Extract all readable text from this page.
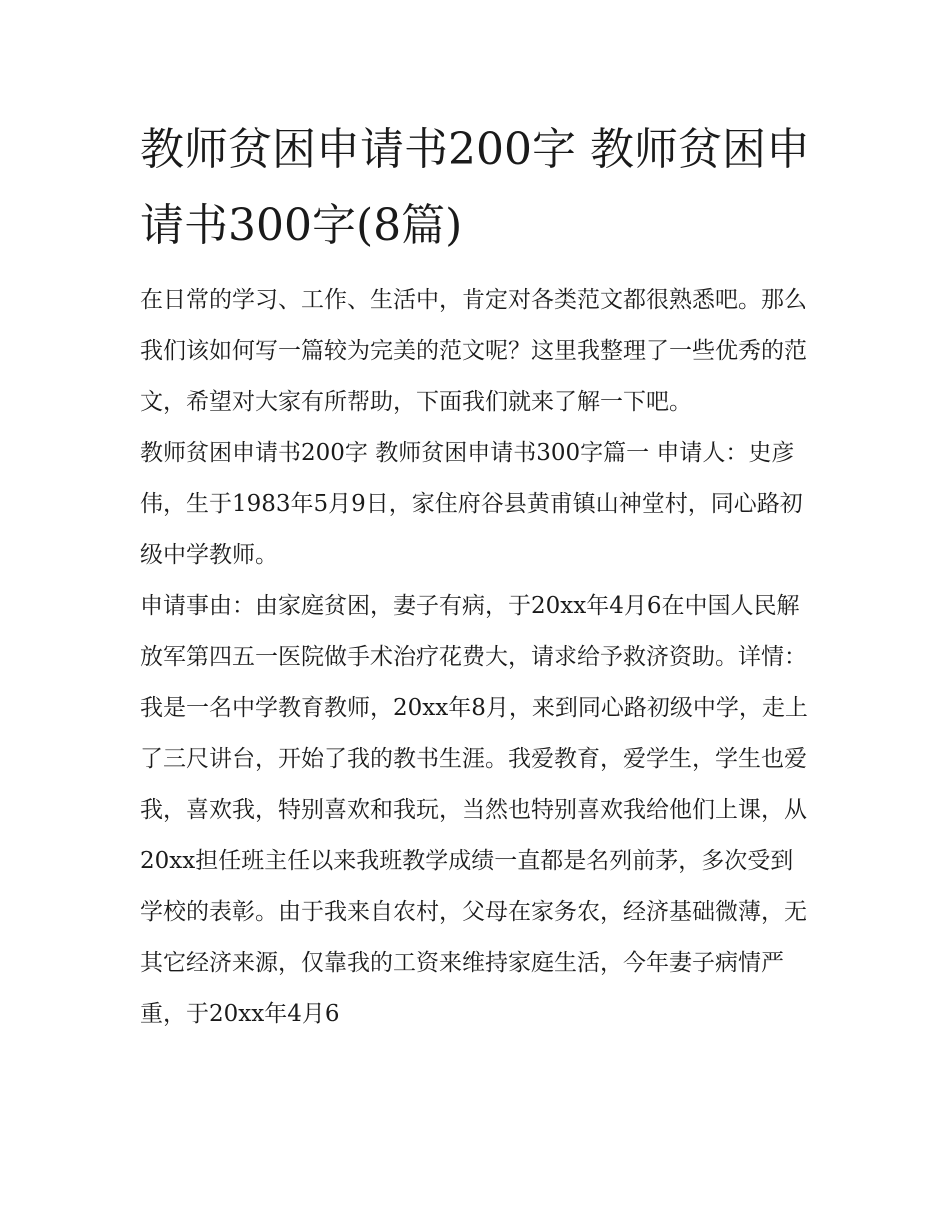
教师贫困申请书200字 教师贫困申请书300字(8篇)

在日常的学习、工作、生活中，肯定对各类范文都很熟悉吧。那么我们该如何写一篇较为完美的范文呢？这里我整理了一些优秀的范文，希望对大家有所帮助，下面我们就来了解一下吧。

教师贫困申请书200字 教师贫困申请书300字篇一 申请人：史彦伟，生于1983年5月9日，家住府谷县黄甫镇山神堂村，同心路初级中学教师。

申请事由：由家庭贫困，妻子有病，于20xx年4月6在中国人民解放军第四五一医院做手术治疗花费大，请求给予救济资助。详情：我是一名中学教育教师，20xx年8月，来到同心路初级中学，走上了三尺讲台，开始了我的教书生涯。我爱教育，爱学生，学生也爱我，喜欢我，特别喜欢和我玩，当然也特别喜欢我给他们上课，从20xx担任班主任以来我班教学成绩一直都是名列前茅，多次受到学校的表彰。由于我来自农村，父母在家务农，经济基础微薄，无其它经济来源，仅靠我的工资来维持家庭生活，今年妻子病情严重，于20xx年4月6
